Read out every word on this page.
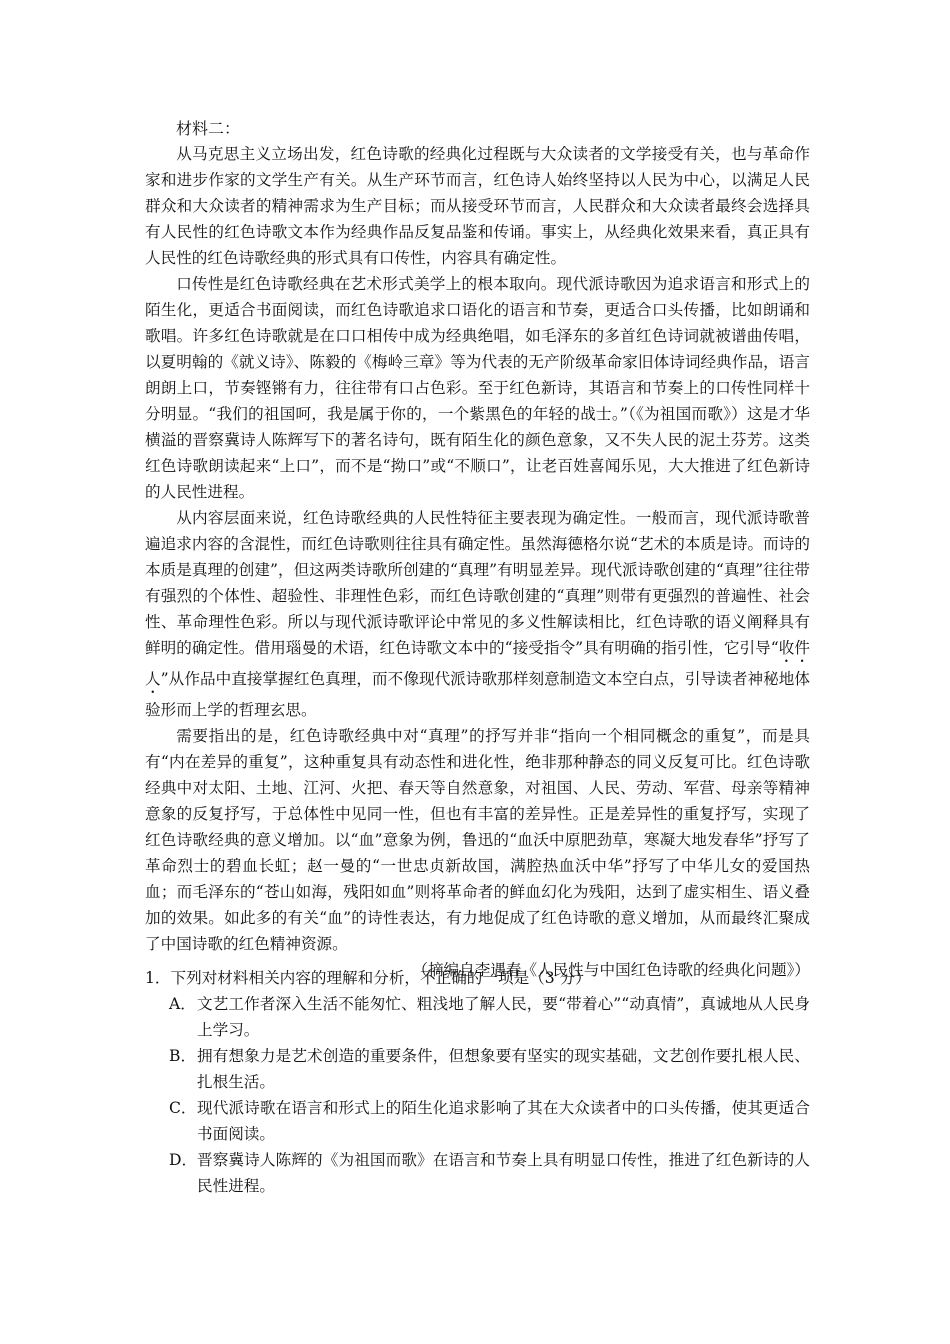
材料二：

从马克思主义立场出发，红色诗歌的经典化过程既与大众读者的文学接受有关，也与革命作家和进步作家的文学生产有关。从生产环节而言，红色诗人始终坚持以人民为中心，以满足人民群众和大众读者的精神需求为生产目标；而从接受环节而言，人民群众和大众读者最终会选择具有人民性的红色诗歌文本作为经典作品反复品鉴和传诵。事实上，从经典化效果来看，真正具有人民性的红色诗歌经典的形式具有口传性，内容具有确定性。

口传性是红色诗歌经典在艺术形式美学上的根本取向。现代派诗歌因为追求语言和形式上的陌生化，更适合书面阅读，而红色诗歌追求口语化的语言和节奏，更适合口头传播，比如朗诵和歌唱。许多红色诗歌就是在口口相传中成为经典绝唱，如毛泽东的多首红色诗词就被谱曲传唱，以夏明翰的《就义诗》、陈毅的《梅岭三章》等为代表的无产阶级革命家旧体诗词经典作品，语言朗朗上口，节奏铿锵有力，往往带有口占色彩。至于红色新诗，其语言和节奏上的口传性同样十分明显。“我们的祖国呵，我是属于你的，一个紫黑色的年轻的战士。”（《为祖国而歌》）这是才华横溢的晋察冀诗人陈辉写下的著名诗句，既有陌生化的颜色意象，又不失人民的泥土芬芳。这类红色诗歌朗读起来“上口”，而不是“拗口”或“不顺口”，让老百姓喜闻乐见，大大推进了红色新诗的人民性进程。

从内容层面来说，红色诗歌经典的人民性特征主要表现为确定性。一般而言，现代派诗歌普遍追求内容的含混性，而红色诗歌则往往具有确定性。虽然海德格尔说“艺术的本质是诗。而诗的本质是真理的创建”，但这两类诗歌所创建的“真理”有明显差异。现代派诗歌创建的“真理”往往带有强烈的个体性、超验性、非理性色彩，而红色诗歌创建的“真理”则带有更强烈的普遍性、社会性、革命理性色彩。所以与现代派诗歌评论中常见的多义性解读相比，红色诗歌的语义阐释具有鲜明的确定性。借用瑙曼的术语，红色诗歌文本中的“接受指令”具有明确的指引性，它引导“收件人”从作品中直接掌握红色真理，而不像现代派诗歌那样刻意制造文本空白点，引导读者神秘地体验形而上学的哲理玄思。

需要指出的是，红色诗歌经典中对“真理”的抒写并非“指向一个相同概念的重复”，而是具有“内在差异的重复”，这种重复具有动态性和进化性，绝非那种静态的同义反复可比。红色诗歌经典中对太阳、土地、江河、火把、春天等自然意象，对祖国、人民、劳动、军营、母亲等精神意象的反复抒写，于总体性中见同一性，但也有丰富的差异性。正是差异性的重复抒写，实现了红色诗歌经典的意义增加。以“血”意象为例，鲁迅的“血沃中原肥劲草，寒凝大地发春华”抒写了革命烈士的碧血长虹；赵一曼的“一世忠贞新故国，满腔热血沃中华”抒写了中华儿女的爱国热血；而毛泽东的“苍山如海，残阳如血”则将革命者的鲜血幻化为残阳，达到了虚实相生、语义叠加的效果。如此多的有关“血”的诗性表达，有力地促成了红色诗歌的意义增加，从而最终汇聚成了中国诗歌的红色精神资源。

（摘编自李遇春《人民性与中国红色诗歌的经典化问题》）

1．下列对材料相关内容的理解和分析，不正确的一项是（3 分）

A． 文艺工作者深入生活不能匆忙、粗浅地了解人民，要“带着心”“动真情”，真诚地从人民身上学习。
B． 拥有想象力是艺术创造的重要条件，但想象要有坚实的现实基础，文艺创作要扎根人民、扎根生活。
C． 现代派诗歌在语言和形式上的陌生化追求影响了其在大众读者中的口头传播，使其更适合书面阅读。
D． 晋察冀诗人陈辉的《为祖国而歌》在语言和节奏上具有明显口传性，推进了红色新诗的人民性进程。
